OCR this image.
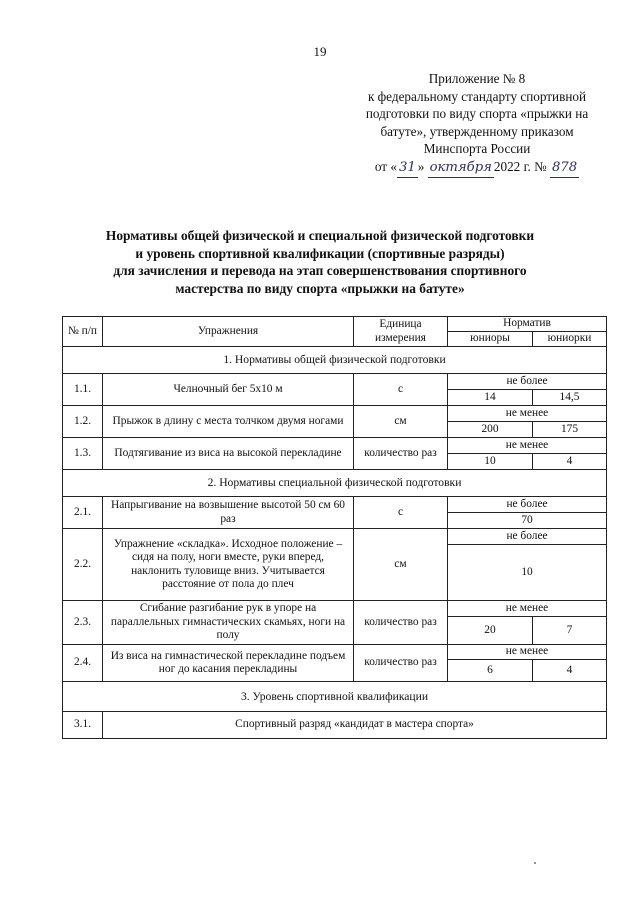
19
Приложение № 8
к федеральному стандарту спортивной
подготовки по виду спорта «прыжки на
батуте», утвержденному приказом
Минспорта России
от « 31 » октября 2022 г. № 878
Нормативы общей физической и специальной физической подготовки
и уровень спортивной квалификации (спортивные разряды)
для зачисления и перевода на этап совершенствования спортивного
мастерства по виду спорта «прыжки на батуте»
№ п/п	Упражнения	Единица измерения	Норматив	
			юниоры	юниорки
1. Нормативы общей физической подготовки				
1.1.	Челночный бег 5x10 м	с	не более	
			14	14,5
1.2.	Прыжок в длину с места толчком двумя ногами	см	не менее	
			200	175
1.3.	Подтягивание из виса на высокой перекладине	количество раз	не менее	
			10	4
2. Нормативы специальной физической подготовки				
2.1.	Напрыгивание на возвышение высотой 50 см 60 раз	с	не более	
			70	
2.2.	Упражнение «складка». Исходное положение – сидя на полу, ноги вместе, руки вперед, наклонить туловище вниз. Учитывается расстояние от пола до плеч	см	не более	
			10	
2.3.	Сгибание разгибание рук в упоре на параллельных гимнастических скамьях, ноги на полу	количество раз	не менее	
			20	7
2.4.	Из виса на гимнастической перекладине подъем ног до касания перекладины	количество раз	не менее	
			6	4
3. Уровень спортивной квалификации				
3.1.	Спортивный разряд «кандидат в мастера спорта»			
